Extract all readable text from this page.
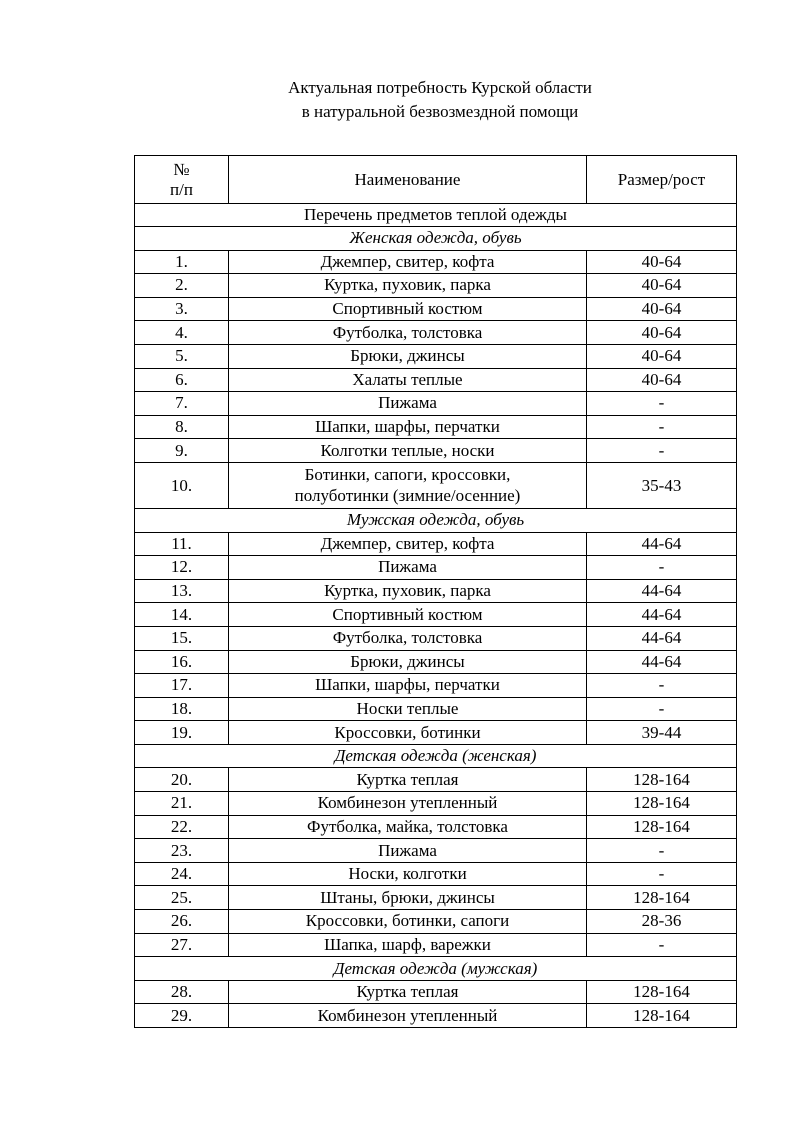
Актуальная потребность Курской области
в натуральной безвозмездной помощи
№
п/п	Наименование	Размер/рост
Перечень предметов теплой одежды		
Женская одежда, обувь		
1.	Джемпер, свитер, кофта	40-64
2.	Куртка, пуховик, парка	40-64
3.	Спортивный костюм	40-64
4.	Футболка, толстовка	40-64
5.	Брюки, джинсы	40-64
6.	Халаты теплые	40-64
7.	Пижама	-
8.	Шапки, шарфы, перчатки	-
9.	Колготки теплые, носки	-
10.	Ботинки, сапоги, кроссовки,
полуботинки (зимние/осенние)	35-43
Мужская одежда, обувь		
11.	Джемпер, свитер, кофта	44-64
12.	Пижама	-
13.	Куртка, пуховик, парка	44-64
14.	Спортивный костюм	44-64
15.	Футболка, толстовка	44-64
16.	Брюки, джинсы	44-64
17.	Шапки, шарфы, перчатки	-
18.	Носки теплые	-
19.	Кроссовки, ботинки	39-44
Детская одежда (женская)		
20.	Куртка теплая	128-164
21.	Комбинезон утепленный	128-164
22.	Футболка, майка, толстовка	128-164
23.	Пижама	-
24.	Носки, колготки	-
25.	Штаны, брюки, джинсы	128-164
26.	Кроссовки, ботинки, сапоги	28-36
27.	Шапка, шарф, варежки	-
Детская одежда (мужская)		
28.	Куртка теплая	128-164
29.	Комбинезон утепленный	128-164
